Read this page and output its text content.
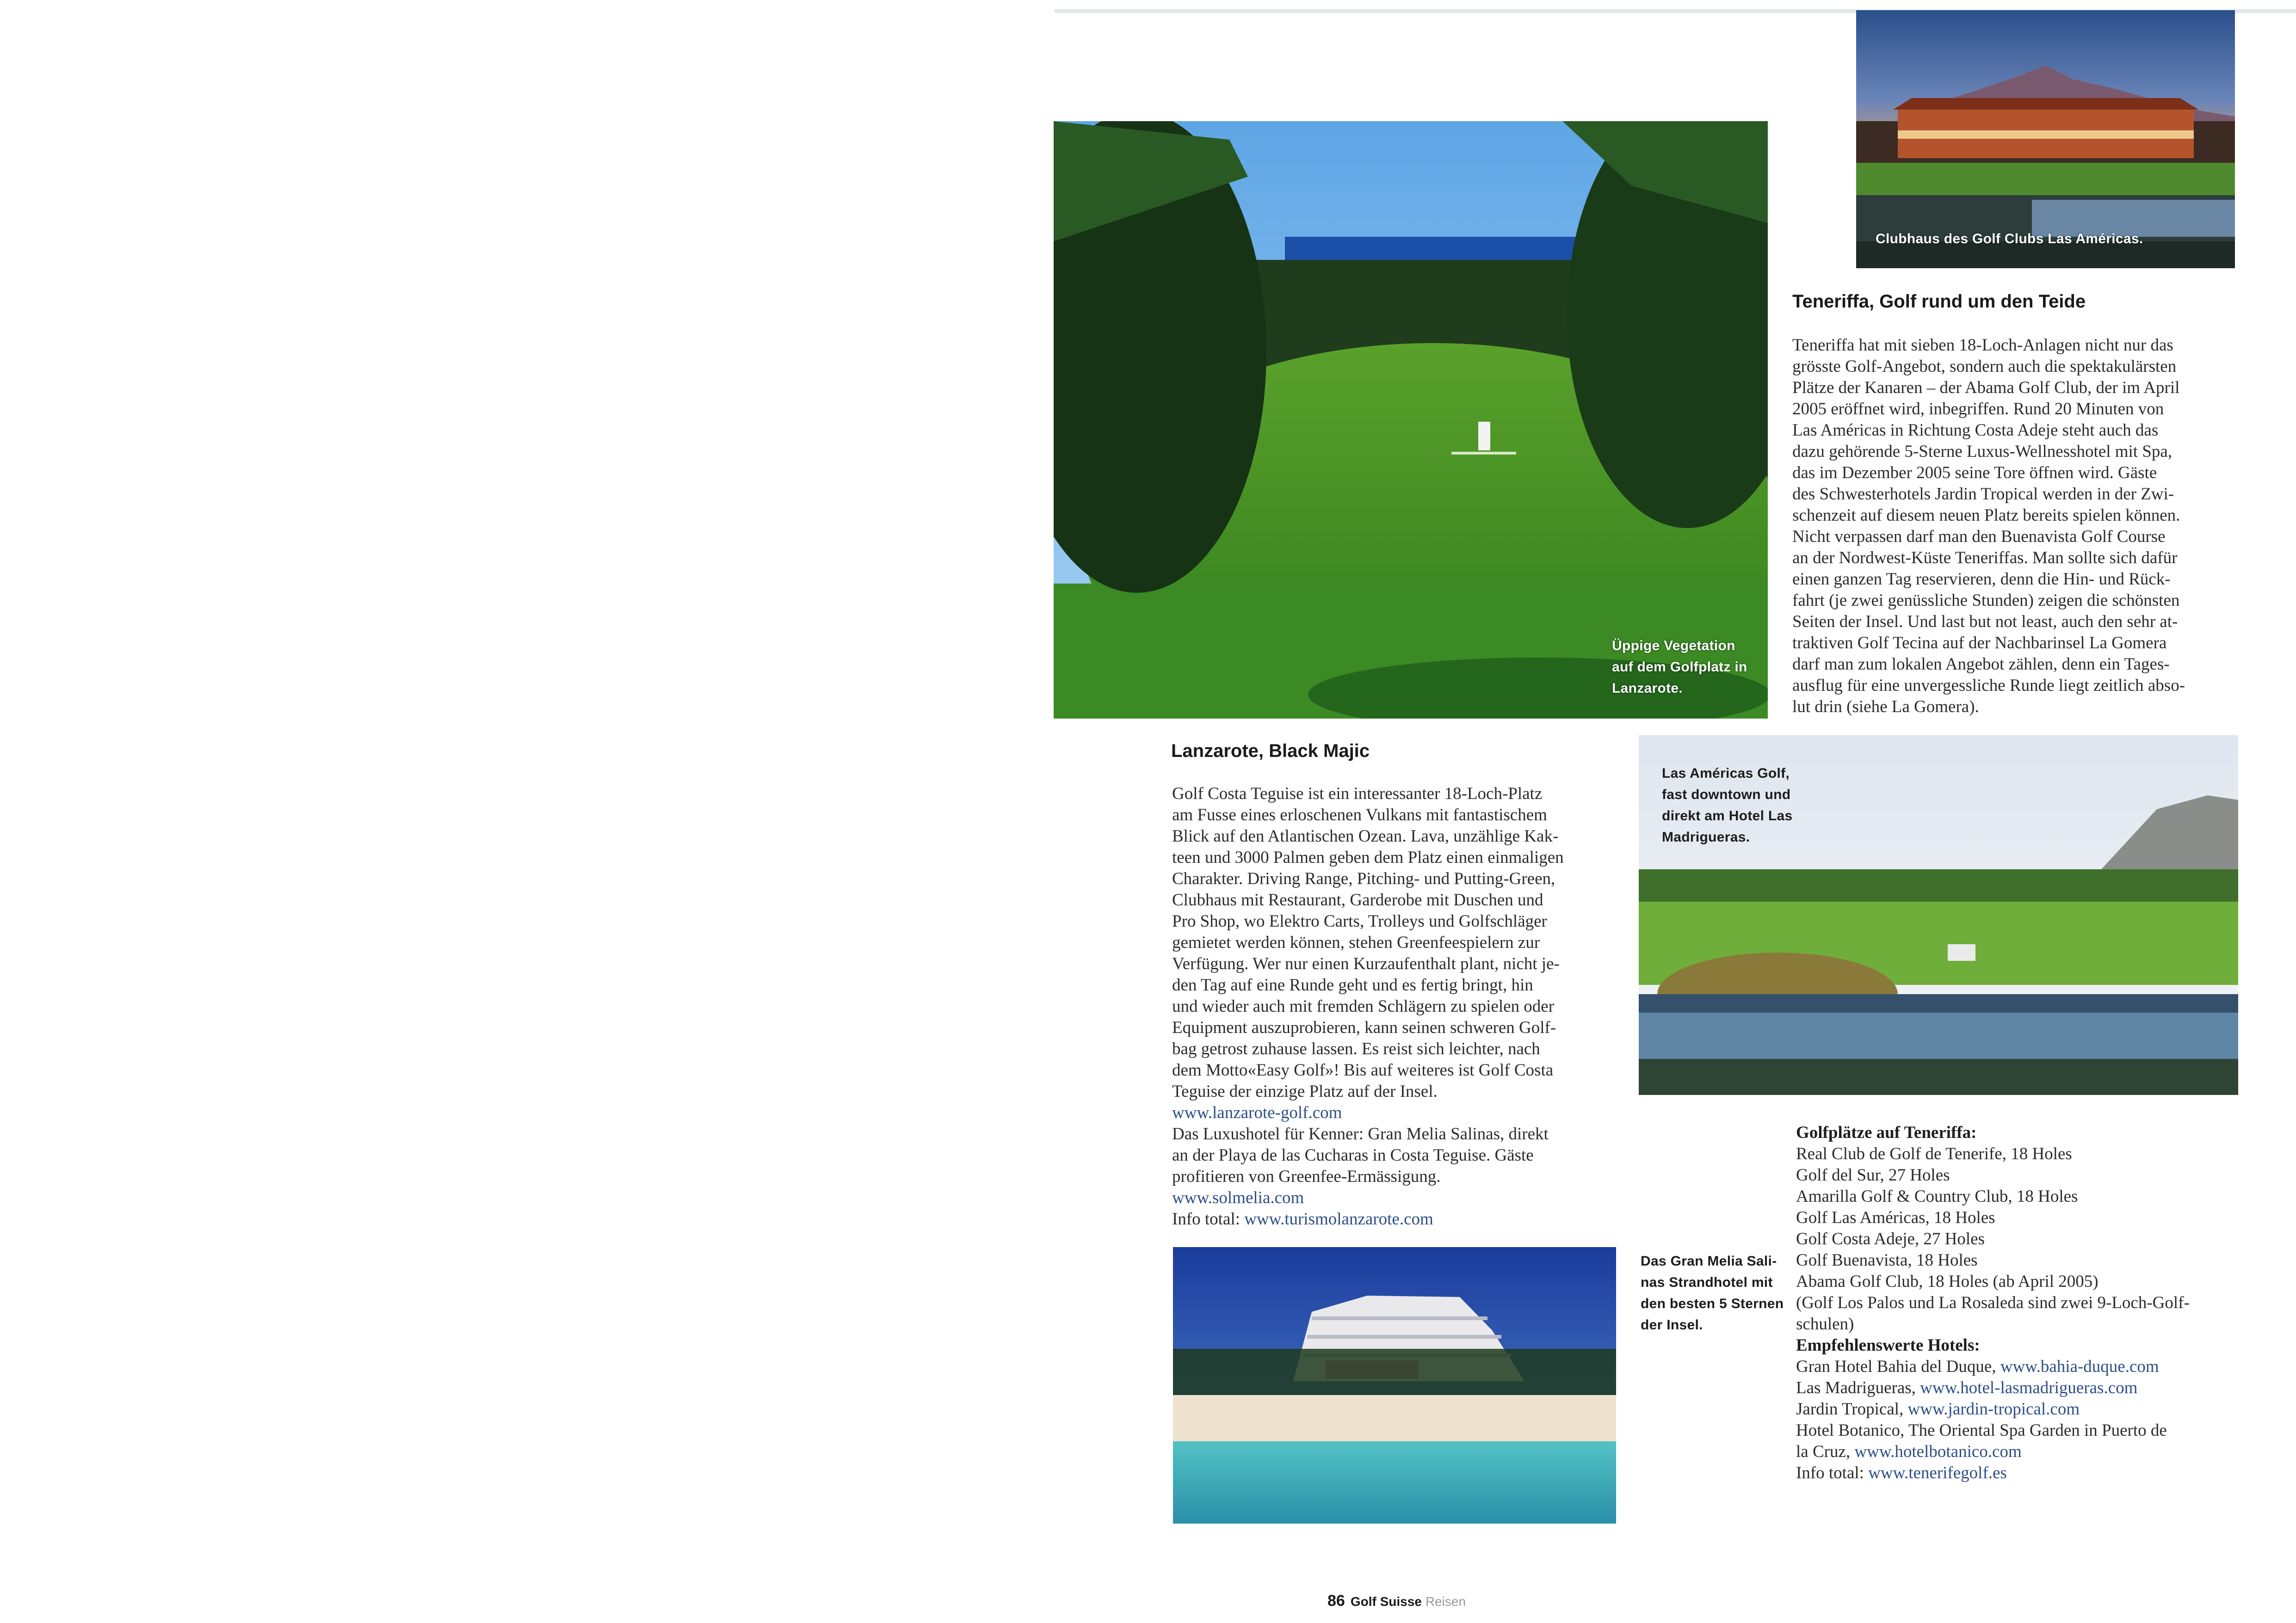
Clubhaus des Golf Clubs Las Américas.
Üppige Vegetation
auf dem Golfplatz in
Lanzarote.
Teneriffa, Golf rund um den Teide
Teneriffa hat mit sieben 18-Loch-Anlagen nicht nur das
grösste Golf-Angebot, sondern auch die spektakulärsten
Plätze der Kanaren – der Abama Golf Club, der im April
2005 eröffnet wird, inbegriffen. Rund 20 Minuten von
Las Américas in Richtung Costa Adeje steht auch das
dazu gehörende 5-Sterne Luxus-Wellnesshotel mit Spa,
das im Dezember 2005 seine Tore öffnen wird. Gäste
des Schwesterhotels Jardin Tropical werden in der Zwi-
schenzeit auf diesem neuen Platz bereits spielen können.
Nicht verpassen darf man den Buenavista Golf Course
an der Nordwest-Küste Teneriffas. Man sollte sich dafür
einen ganzen Tag reservieren, denn die Hin- und Rück-
fahrt (je zwei genüssliche Stunden) zeigen die schönsten
Seiten der Insel. Und last but not least, auch den sehr at-
traktiven Golf Tecina auf der Nachbarinsel La Gomera
darf man zum lokalen Angebot zählen, denn ein Tages-
ausflug für eine unvergessliche Runde liegt zeitlich abso-
lut drin (siehe La Gomera).
Lanzarote, Black Majic
Golf Costa Teguise ist ein interessanter 18-Loch-Platz
am Fusse eines erloschenen Vulkans mit fantastischem
Blick auf den Atlantischen Ozean. Lava, unzählige Kak-
teen und 3000 Palmen geben dem Platz einen einmaligen
Charakter. Driving Range, Pitching- und Putting-Green,
Clubhaus mit Restaurant, Garderobe mit Duschen und
Pro Shop, wo Elektro Carts, Trolleys und Golfschläger
gemietet werden können, stehen Greenfeespielern zur
Verfügung. Wer nur einen Kurzaufenthalt plant, nicht je-
den Tag auf eine Runde geht und es fertig bringt, hin
und wieder auch mit fremden Schlägern zu spielen oder
Equipment auszuprobieren, kann seinen schweren Golf-
bag getrost zuhause lassen. Es reist sich leichter, nach
dem Motto«Easy Golf»! Bis auf weiteres ist Golf Costa
Teguise der einzige Platz auf der Insel.
www.lanzarote-golf.com
Das Luxushotel für Kenner: Gran Melia Salinas, direkt
an der Playa de las Cucharas in Costa Teguise. Gäste
profitieren von Greenfee-Ermässigung.
www.solmelia.com
Info total: www.turismolanzarote.com
Las Américas Golf,
fast downtown und
direkt am Hotel Las
Madrigueras.
Golfplätze auf Teneriffa:
Real Club de Golf de Tenerife, 18 Holes
Golf del Sur, 27 Holes
Amarilla Golf & Country Club, 18 Holes
Golf Las Américas, 18 Holes
Golf Costa Adeje, 27 Holes
Golf Buenavista, 18 Holes
Abama Golf Club, 18 Holes (ab April 2005)
(Golf Los Palos und La Rosaleda sind zwei 9-Loch-Golf-
schulen)
Empfehlenswerte Hotels:
Gran Hotel Bahia del Duque, www.bahia-duque.com
Las Madrigueras, www.hotel-lasmadrigueras.com
Jardin Tropical, www.jardin-tropical.com
Hotel Botanico, The Oriental Spa Garden in Puerto de
la Cruz, www.hotelbotanico.com
Info total: www.tenerifegolf.es
Das Gran Melia Sali-
nas Strandhotel mit
den besten 5 Sternen
der Insel.
86 Golf Suisse Reisen
